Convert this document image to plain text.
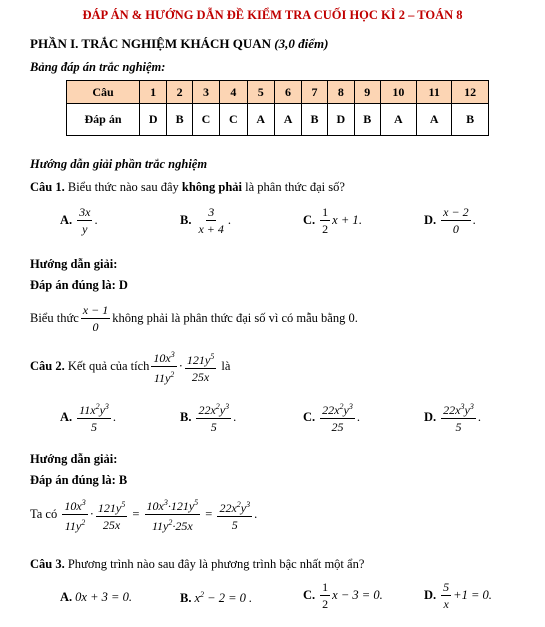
ĐÁP ÁN & HƯỚNG DẪN ĐỀ KIỂM TRA CUỐI HỌC KÌ 2 – TOÁN 8
PHẦN I. TRẮC NGHIỆM KHÁCH QUAN (3,0 điểm)
Bảng đáp án trắc nghiệm:
Câu	1	2	3	4	5	6	7	8	9	10	11	12
Đáp án	D	B	C	C	A	A	B	D	B	A	A	B
Hướng dẫn giải phần trắc nghiệm
Câu 1. Biểu thức nào sau đây không phải là phân thức đại số?
A. $\frac{3x}{y}$ .	B. $\frac{3}{x + 4}$ .	C. $\frac{1}{2}$ x + 1 .	D. $\frac{x - 2}{0}$ .
Hướng dẫn giải:
Đáp án đúng là: D
Biểu thức $\frac{x - 1}{0}$ không phải là phân thức đại số vì có mẫu bằng 0.
Câu 2.
Kết quả của tích $\frac{10x^3}{11y^2} \cdot \frac{121y^5}{25x}$
là
A. $\frac{11x^2y^3}{5}$ .	B. $\frac{22x^2y^3}{5}$ .	C. $\frac{22x^2y^3}{25}$ .	D. $\frac{22x^3y^3}{5}$ .
Hướng dẫn giải:
Đáp án đúng là: B
Ta có
$\frac{10x^3}{11y^2} \cdot \frac{121y^5}{25x} = \frac{10x^3\cdot 121y^5}{11y^2\cdot 25x} = \frac{22x^2y^3}{5}$ .
Câu 3. Phương trình nào sau đây là phương trình bậc nhất một ẩn?
A. 0x + 3 = 0.	B. $x^2 - 2 = 0$ .	C. $\frac{1}{2}$ x − 3 = 0.	D. $\frac{5}{x} +1 = 0$.
